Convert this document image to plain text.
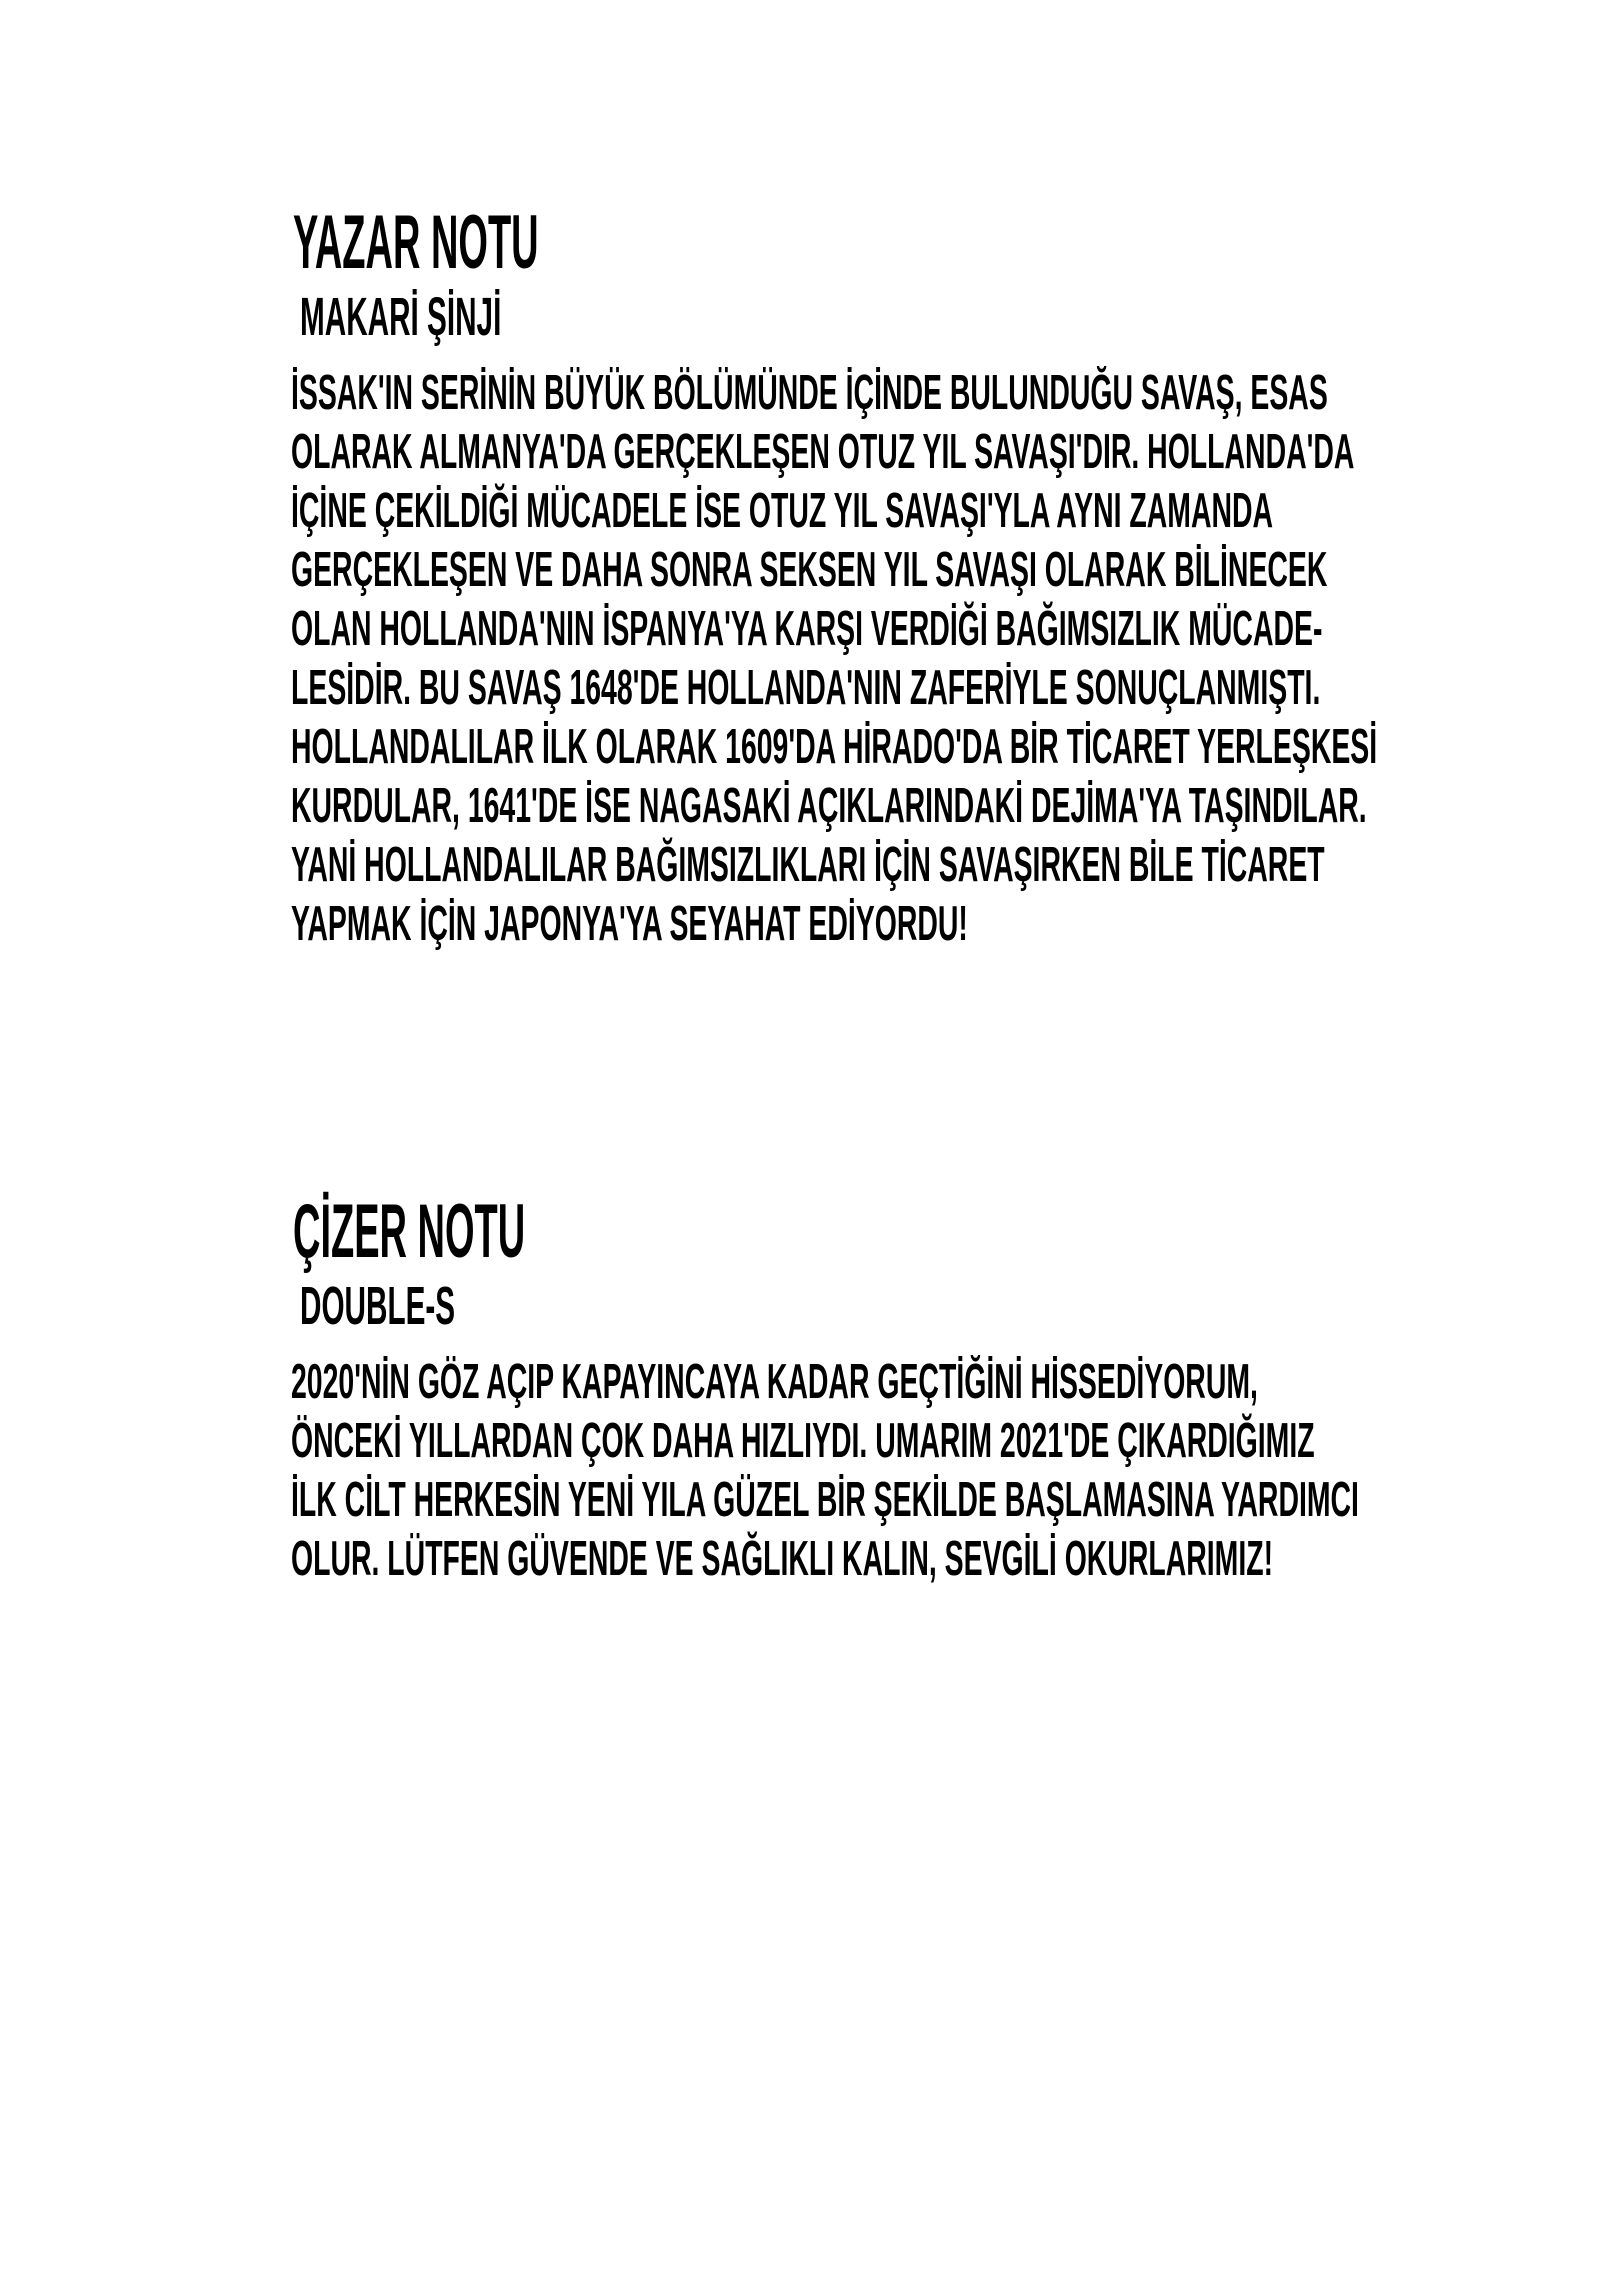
YAZAR NOTU
MAKARİ ŞİNJİ
İSSAK'IN SERİNİN BÜYÜK BÖLÜMÜNDE İÇİNDE BULUNDUĞU SAVAŞ, ESAS
OLARAK ALMANYA'DA GERÇEKLEŞEN OTUZ YIL SAVAŞI'DIR. HOLLANDA'DA
İÇİNE ÇEKİLDİĞİ MÜCADELE İSE OTUZ YIL SAVAŞI'YLA AYNI ZAMANDA
GERÇEKLEŞEN VE DAHA SONRA SEKSEN YIL SAVAŞI OLARAK BİLİNECEK
OLAN HOLLANDA'NIN İSPANYA'YA KARŞI VERDİĞİ BAĞIMSIZLIK MÜCADE-
LESİDİR. BU SAVAŞ 1648'DE HOLLANDA'NIN ZAFERİYLE SONUÇLANMIŞTI.
HOLLANDALILAR İLK OLARAK 1609'DA HİRADO'DA BİR TİCARET YERLEŞKESİ
KURDULAR, 1641'DE İSE NAGASAKİ AÇIKLARINDAKİ DEJİMA'YA TAŞINDILAR.
YANİ HOLLANDALILAR BAĞIMSIZLIKLARI İÇİN SAVAŞIRKEN BİLE TİCARET
YAPMAK İÇİN JAPONYA'YA SEYAHAT EDİYORDU!
ÇİZER NOTU
DOUBLE-S
2020'NİN GÖZ AÇIP KAPAYINCAYA KADAR GEÇTİĞİNİ HİSSEDİYORUM,
ÖNCEKİ YILLARDAN ÇOK DAHA HIZLIYDI. UMARIM 2021'DE ÇIKARDIĞIMIZ
İLK CİLT HERKESİN YENİ YILA GÜZEL BİR ŞEKİLDE BAŞLAMASINA YARDIMCI
OLUR. LÜTFEN GÜVENDE VE SAĞLIKLI KALIN, SEVGİLİ OKURLARIMIZ!
